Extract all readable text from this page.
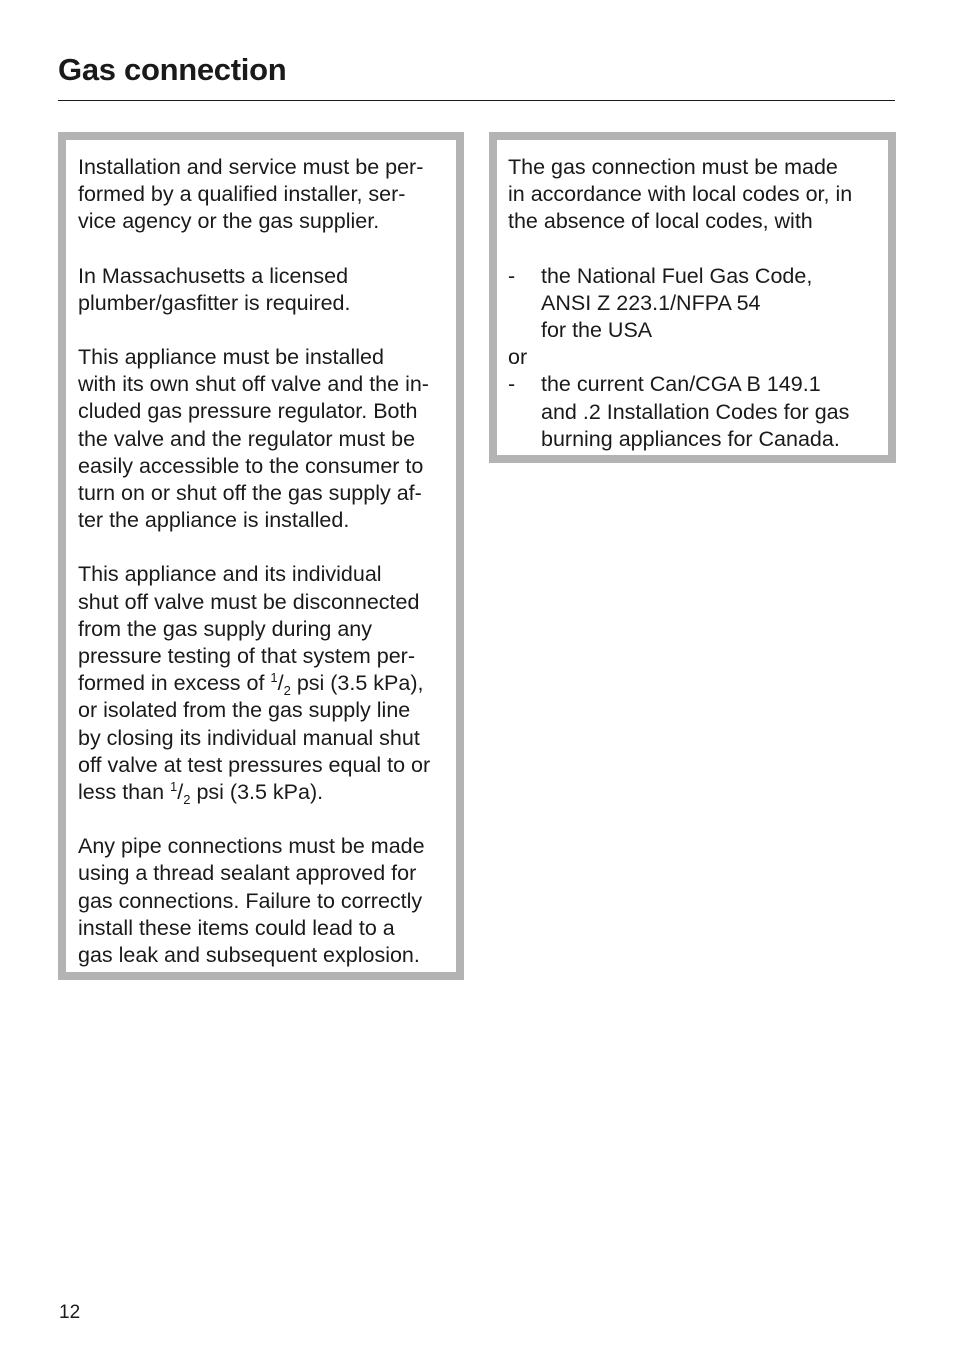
Gas connection

Installation and service must be per-
formed by a qualified installer, ser-
vice agency or the gas supplier.

In Massachusetts a licensed
plumber/gasfitter is required.

This appliance must be installed
with its own shut off valve and the in-
cluded gas pressure regulator. Both
the valve and the regulator must be
easily accessible to the consumer to
turn on or shut off the gas supply af-
ter the appliance is installed.

This appliance and its individual
shut off valve must be disconnected
from the gas supply during any
pressure testing of that system per-
formed in excess of $^1/_2$ psi (3.5 kPa),
or isolated from the gas supply line
by closing its individual manual shut
off valve at test pressures equal to or
less than $^1/_2$ psi (3.5 kPa).

Any pipe connections must be made
using a thread sealant approved for
gas connections. Failure to correctly
install these items could lead to a
gas leak and subsequent explosion.

The gas connection must be made
in accordance with local codes or, in
the absence of local codes, with

-	the National Fuel Gas Code,
ANSI Z 223.1/NFPA 54
for the USA

or

-	the current Can/CGA B 149.1
and .2 Installation Codes for gas
burning appliances for Canada.
12
